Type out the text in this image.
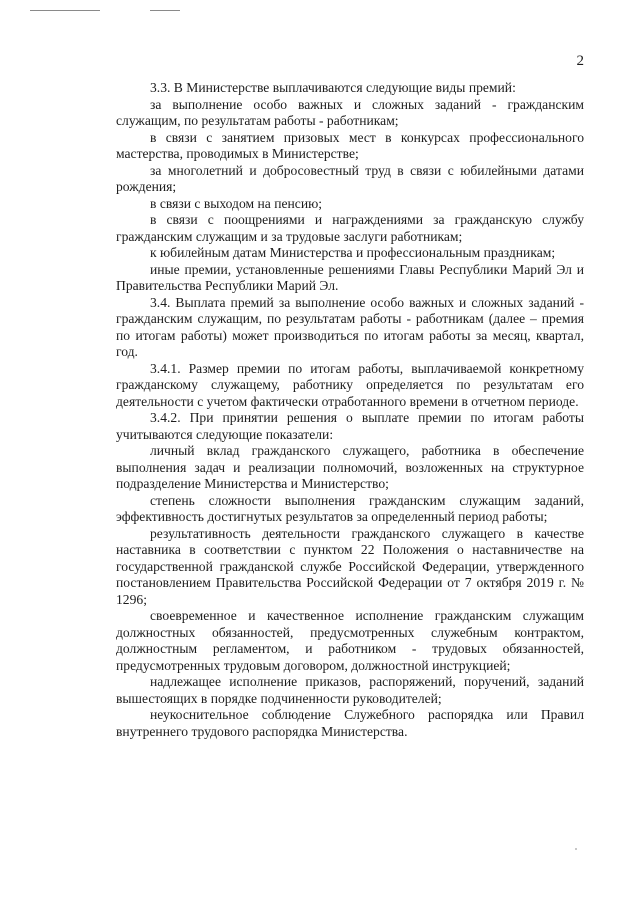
2

3.3. В Министерстве выплачиваются следующие виды премий:

за выполнение особо важных и сложных заданий - гражданским служащим, по результатам работы - работникам;

в связи с занятием призовых мест в конкурсах профессионального мастерства, проводимых в Министерстве;

за многолетний и добросовестный труд в связи с юбилейными датами рождения;

в связи с выходом на пенсию;

в связи с поощрениями и награждениями за гражданскую службу гражданским служащим и за трудовые заслуги работникам;

к юбилейным датам Министерства и профессиональным праздникам;

иные премии, установленные решениями Главы Республики Марий Эл и Правительства Республики Марий Эл.

3.4. Выплата премий за выполнение особо важных и сложных заданий - гражданским служащим, по результатам работы - работникам (далее – премия по итогам работы) может производиться по итогам работы за месяц, квартал, год.

3.4.1. Размер премии по итогам работы, выплачиваемой конкретному гражданскому служащему, работнику определяется по результатам его деятельности с учетом фактически отработанного времени в отчетном периоде.

3.4.2. При принятии решения о выплате премии по итогам работы учитываются следующие показатели:

личный вклад гражданского служащего, работника в обеспечение выполнения задач и реализации полномочий, возложенных на структурное подразделение Министерства и Министерство;

степень сложности выполнения гражданским служащим заданий, эффективность достигнутых результатов за определенный период работы;

результативность деятельности гражданского служащего в качестве наставника в соответствии с пунктом 22 Положения о наставничестве на государственной гражданской службе Российской Федерации, утвержденного постановлением Правительства Российской Федерации от 7 октября 2019 г. № 1296;

своевременное и качественное исполнение гражданским служащим должностных обязанностей, предусмотренных служебным контрактом, должностным регламентом, и работником - трудовых обязанностей, предусмотренных трудовым договором, должностной инструкцией;

надлежащее исполнение приказов, распоряжений, поручений, заданий вышестоящих в порядке подчиненности руководителей;

неукоснительное соблюдение Служебного распорядка или Правил внутреннего трудового распорядка Министерства.
